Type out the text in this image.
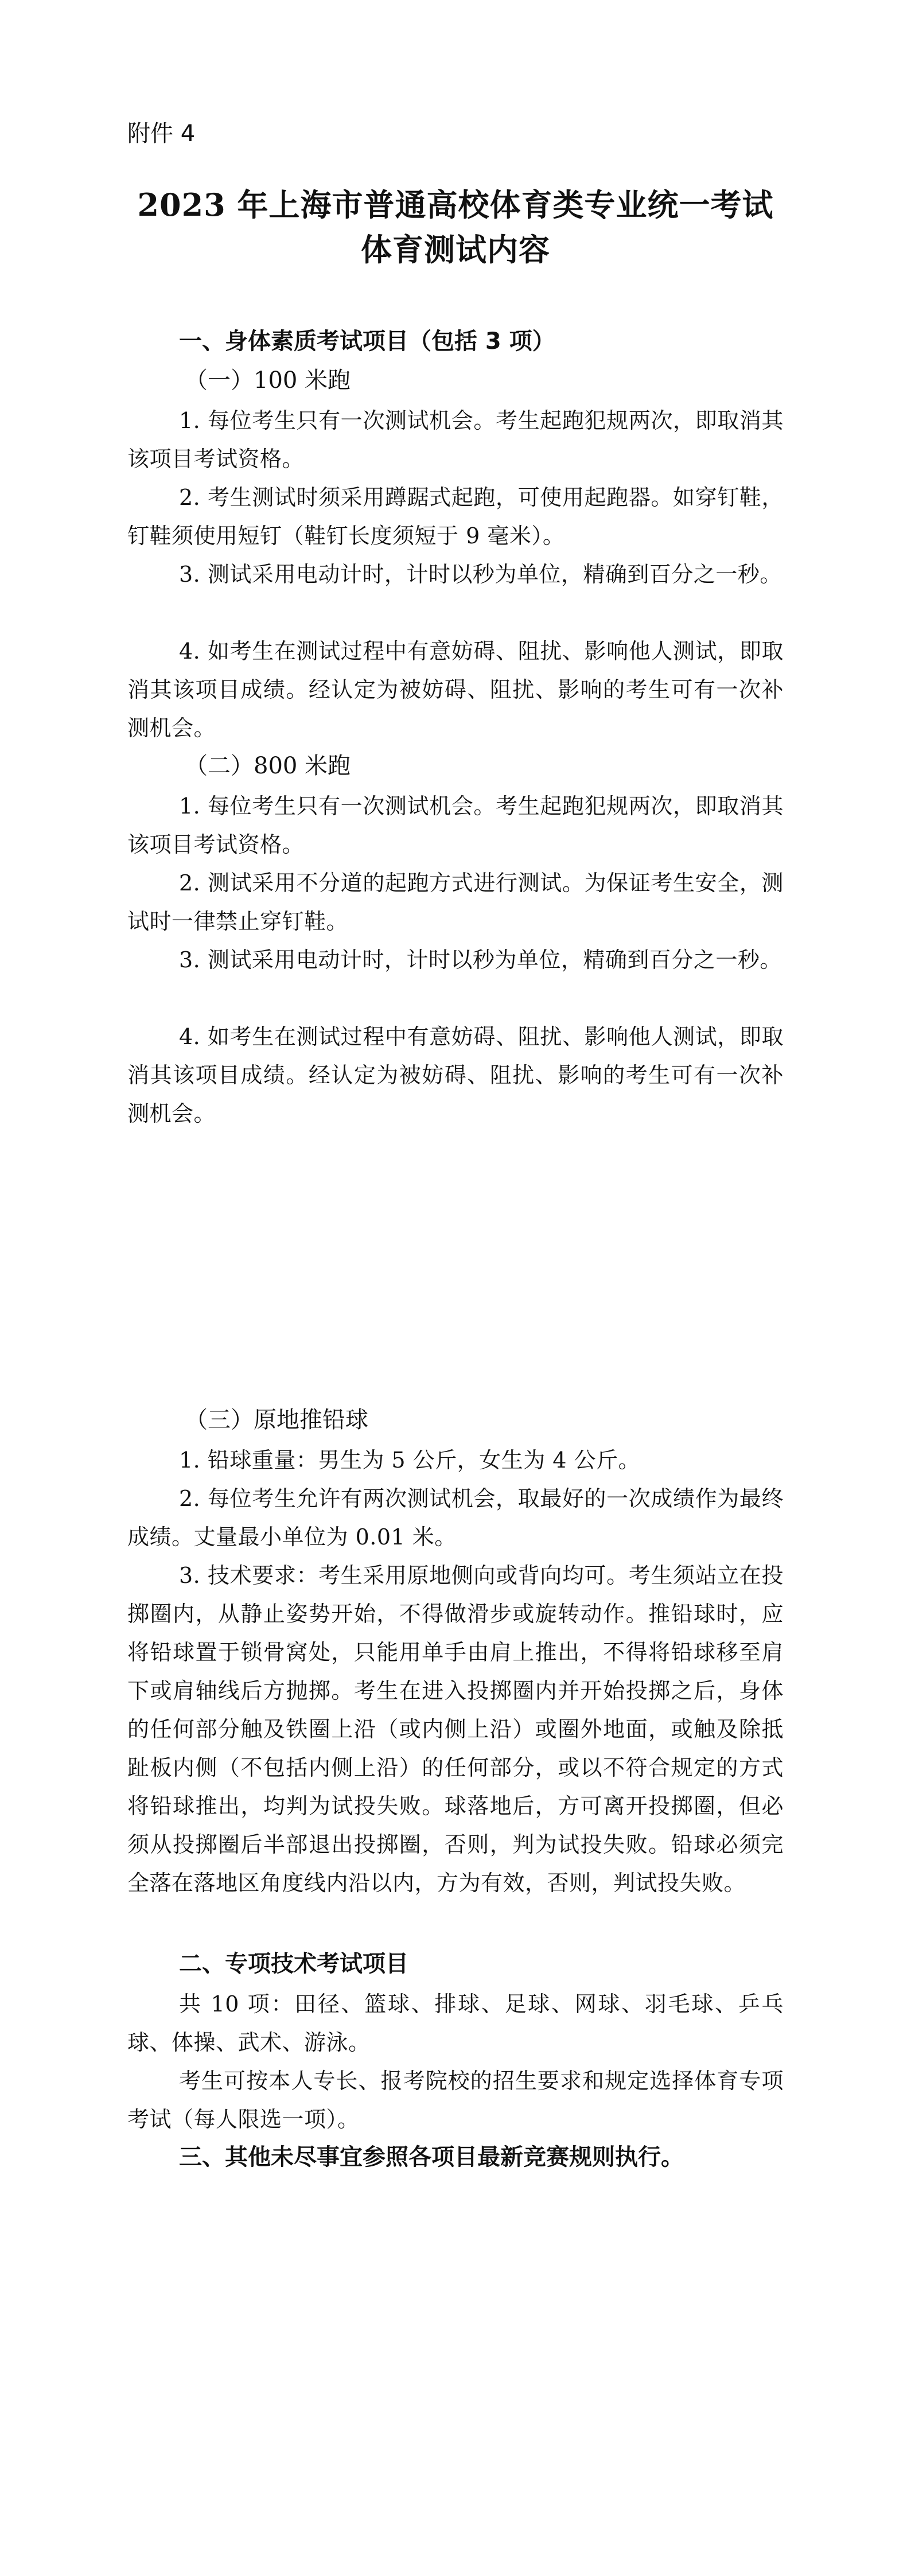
附件 4
2023 年上海市普通高校体育类专业统一考试
体育测试内容
一、身体素质考试项目（包括 3 项）
（一）100 米跑
1. 每位考生只有一次测试机会。考生起跑犯规两次，即取消其该项目考试资格。
2. 考生测试时须采用蹲踞式起跑，可使用起跑器。如穿钉鞋，钉鞋须使用短钉（鞋钉长度须短于 9 毫米）。
3. 测试采用电动计时，计时以秒为单位，精确到百分之一秒。
4. 如考生在测试过程中有意妨碍、阻扰、影响他人测试，即取消其该项目成绩。经认定为被妨碍、阻扰、影响的考生可有一次补测机会。
（二）800 米跑
1. 每位考生只有一次测试机会。考生起跑犯规两次，即取消其该项目考试资格。
2. 测试采用不分道的起跑方式进行测试。为保证考生安全，测试时一律禁止穿钉鞋。
3. 测试采用电动计时，计时以秒为单位，精确到百分之一秒。
4. 如考生在测试过程中有意妨碍、阻扰、影响他人测试，即取消其该项目成绩。经认定为被妨碍、阻扰、影响的考生可有一次补测机会。
（三）原地推铅球
1. 铅球重量：男生为 5 公斤，女生为 4 公斤。
2. 每位考生允许有两次测试机会，取最好的一次成绩作为最终成绩。丈量最小单位为 0.01 米。
3. 技术要求：考生采用原地侧向或背向均可。考生须站立在投掷圈内，从静止姿势开始，不得做滑步或旋转动作。推铅球时，应将铅球置于锁骨窝处，只能用单手由肩上推出，不得将铅球移至肩下或肩轴线后方抛掷。考生在进入投掷圈内并开始投掷之后，身体的任何部分触及铁圈上沿（或内侧上沿）或圈外地面，或触及除抵趾板内侧（不包括内侧上沿）的任何部分，或以不符合规定的方式将铅球推出，均判为试投失败。球落地后，方可离开投掷圈，但必须从投掷圈后半部退出投掷圈，否则，判为试投失败。铅球必须完全落在落地区角度线内沿以内，方为有效，否则，判试投失败。
二、专项技术考试项目
共 10 项：田径、篮球、排球、足球、网球、羽毛球、乒乓球、体操、武术、游泳。
考生可按本人专长、报考院校的招生要求和规定选择体育专项考试（每人限选一项）。
三、其他未尽事宜参照各项目最新竞赛规则执行。
